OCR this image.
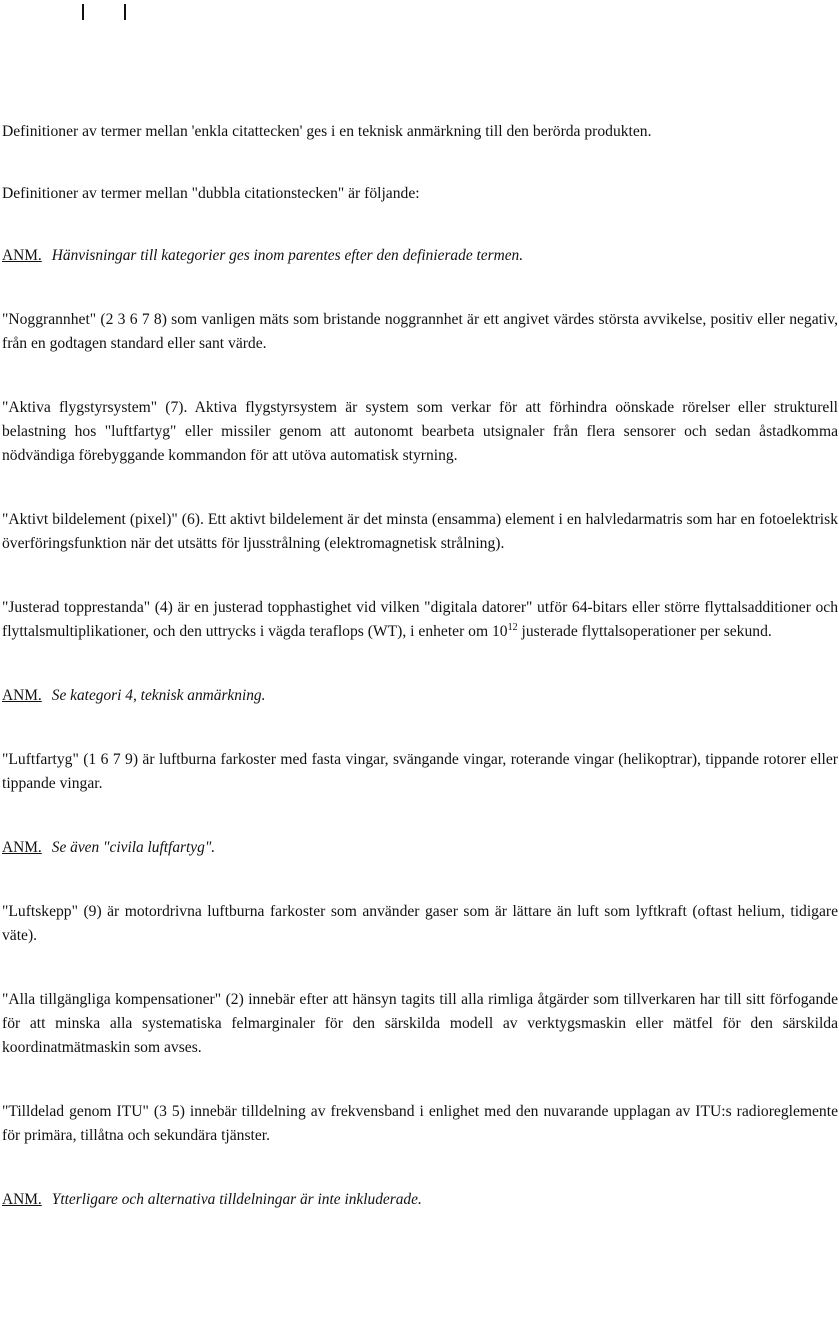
Definitioner av termer mellan 'enkla citattecken' ges i en teknisk anmärkning till den berörda produkten.

Definitioner av termer mellan "dubbla citationstecken" är följande:

ANM. Hänvisningar till kategorier ges inom parentes efter den definierade termen.

"Noggrannhet" (2 3 6 7 8) som vanligen mäts som bristande noggrannhet är ett angivet värdes största avvikelse, positiv eller negativ, från en godtagen standard eller sant värde.

"Aktiva flygstyrsystem" (7). Aktiva flygstyrsystem är system som verkar för att förhindra oönskade rörelser eller strukturell belastning hos "luftfartyg" eller missiler genom att autonomt bearbeta utsignaler från flera sensorer och sedan åstadkomma nödvändiga förebyggande kommandon för att utöva automatisk styrning.

"Aktivt bildelement (pixel)" (6). Ett aktivt bildelement är det minsta (ensamma) element i en halvledarmatris som har en fotoelektrisk överföringsfunktion när det utsätts för ljusstrålning (elektromagnetisk strålning).

"Justerad topprestanda" (4) är en justerad topphastighet vid vilken "digitala datorer" utför 64-bitars eller större flyttalsadditioner och flyttalsmultiplikationer, och den uttrycks i vägda teraflops (WT), i enheter om $10^{12}$ justerade flyttalsoperationer per sekund.

ANM. Se kategori 4, teknisk anmärkning.

"Luftfartyg" (1 6 7 9) är luftburna farkoster med fasta vingar, svängande vingar, roterande vingar (helikoptrar), tippande rotorer eller tippande vingar.

ANM. Se även "civila luftfartyg".

"Luftskepp" (9) är motordrivna luftburna farkoster som använder gaser som är lättare än luft som lyftkraft (oftast helium, tidigare väte).

"Alla tillgängliga kompensationer" (2) innebär efter att hänsyn tagits till alla rimliga åtgärder som tillverkaren har till sitt förfogande för att minska alla systematiska felmarginaler för den särskilda modell av verktygsmaskin eller mätfel för den särskilda koordinatmätmaskin som avses.

"Tilldelad genom ITU" (3 5) innebär tilldelning av frekvensband i enlighet med den nuvarande upplagan av ITU:s radioreglemente för primära, tillåtna och sekundära tjänster.

ANM. Ytterligare och alternativa tilldelningar är inte inkluderade.
